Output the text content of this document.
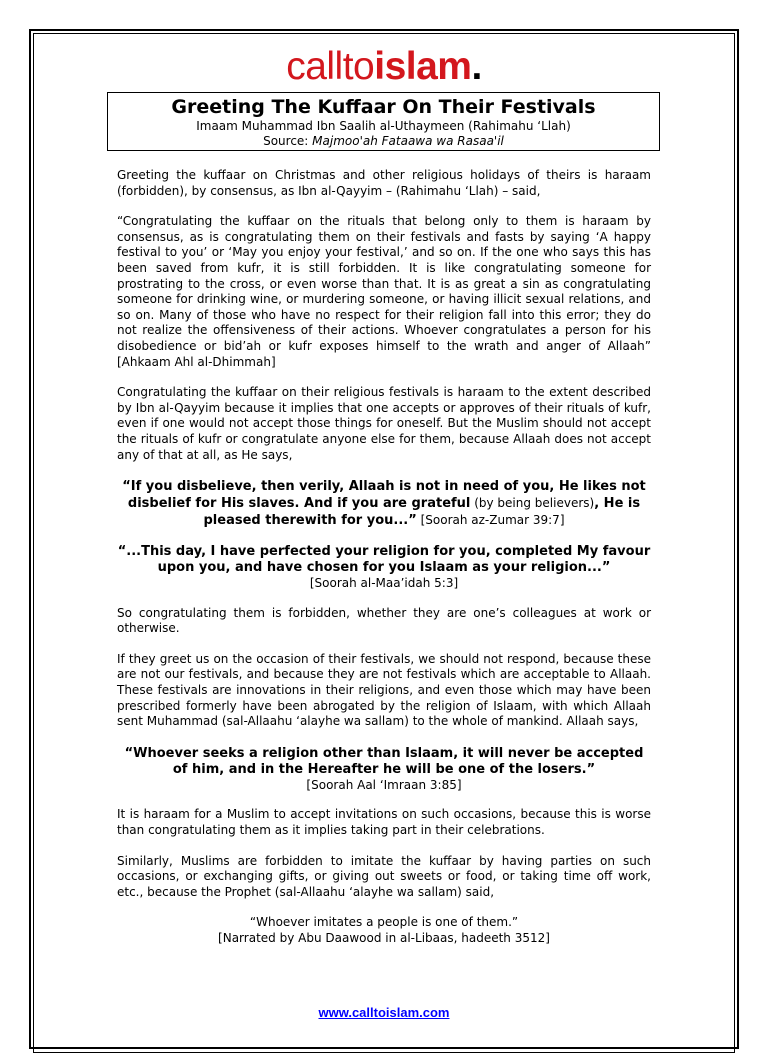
calltoislam.
Greeting The Kuffaar On Their Festivals
Imaam Muhammad Ibn Saalih al-Uthaymeen (Rahimahu ‘Llah)
Source: Majmoo'ah Fataawa wa Rasaa'il

Greeting the kuffaar on Christmas and other religious holidays of theirs is haraam (forbidden), by consensus, as Ibn al-Qayyim – (Rahimahu ‘Llah) – said,

“Congratulating the kuffaar on the rituals that belong only to them is haraam by consensus, as is congratulating them on their festivals and fasts by saying ‘A happy festival to you’ or ‘May you enjoy your festival,’ and so on. If the one who says this has been saved from kufr, it is still forbidden. It is like congratulating someone for prostrating to the cross, or even worse than that. It is as great a sin as congratulating someone for drinking wine, or murdering someone, or having illicit sexual relations, and so on. Many of those who have no respect for their religion fall into this error; they do not realize the offensiveness of their actions. Whoever congratulates a person for his disobedience or bid’ah or kufr exposes himself to the wrath and anger of Allaah” [Ahkaam Ahl al-Dhimmah]

Congratulating the kuffaar on their religious festivals is haraam to the extent described by Ibn al-Qayyim because it implies that one accepts or approves of their rituals of kufr, even if one would not accept those things for oneself. But the Muslim should not accept the rituals of kufr or congratulate anyone else for them, because Allaah does not accept any of that at all, as He says,

“If you disbelieve, then verily, Allaah is not in need of you, He likes not disbelief for His slaves. And if you are grateful (by being believers), He is pleased therewith for you...” [Soorah az-Zumar 39:7]

“...This day, I have perfected your religion for you, completed My favour upon you, and have chosen for you Islaam as your religion...”

[Soorah al-Maa’idah 5:3]

So congratulating them is forbidden, whether they are one’s colleagues at work or otherwise.

If they greet us on the occasion of their festivals, we should not respond, because these are not our festivals, and because they are not festivals which are acceptable to Allaah. These festivals are innovations in their religions, and even those which may have been prescribed formerly have been abrogated by the religion of Islaam, with which Allaah sent Muhammad (sal-Allaahu ‘alayhe wa sallam) to the whole of mankind. Allaah says,

“Whoever seeks a religion other than Islaam, it will never be accepted of him, and in the Hereafter he will be one of the losers.”

[Soorah Aal ‘Imraan 3:85]

It is haraam for a Muslim to accept invitations on such occasions, because this is worse than congratulating them as it implies taking part in their celebrations.

Similarly, Muslims are forbidden to imitate the kuffaar by having parties on such occasions, or exchanging gifts, or giving out sweets or food, or taking time off work, etc., because the Prophet (sal-Allaahu ‘alayhe wa sallam) said,

“Whoever imitates a people is one of them.”

[Narrated by Abu Daawood in al-Libaas, hadeeth 3512]

www.calltoislam.com
